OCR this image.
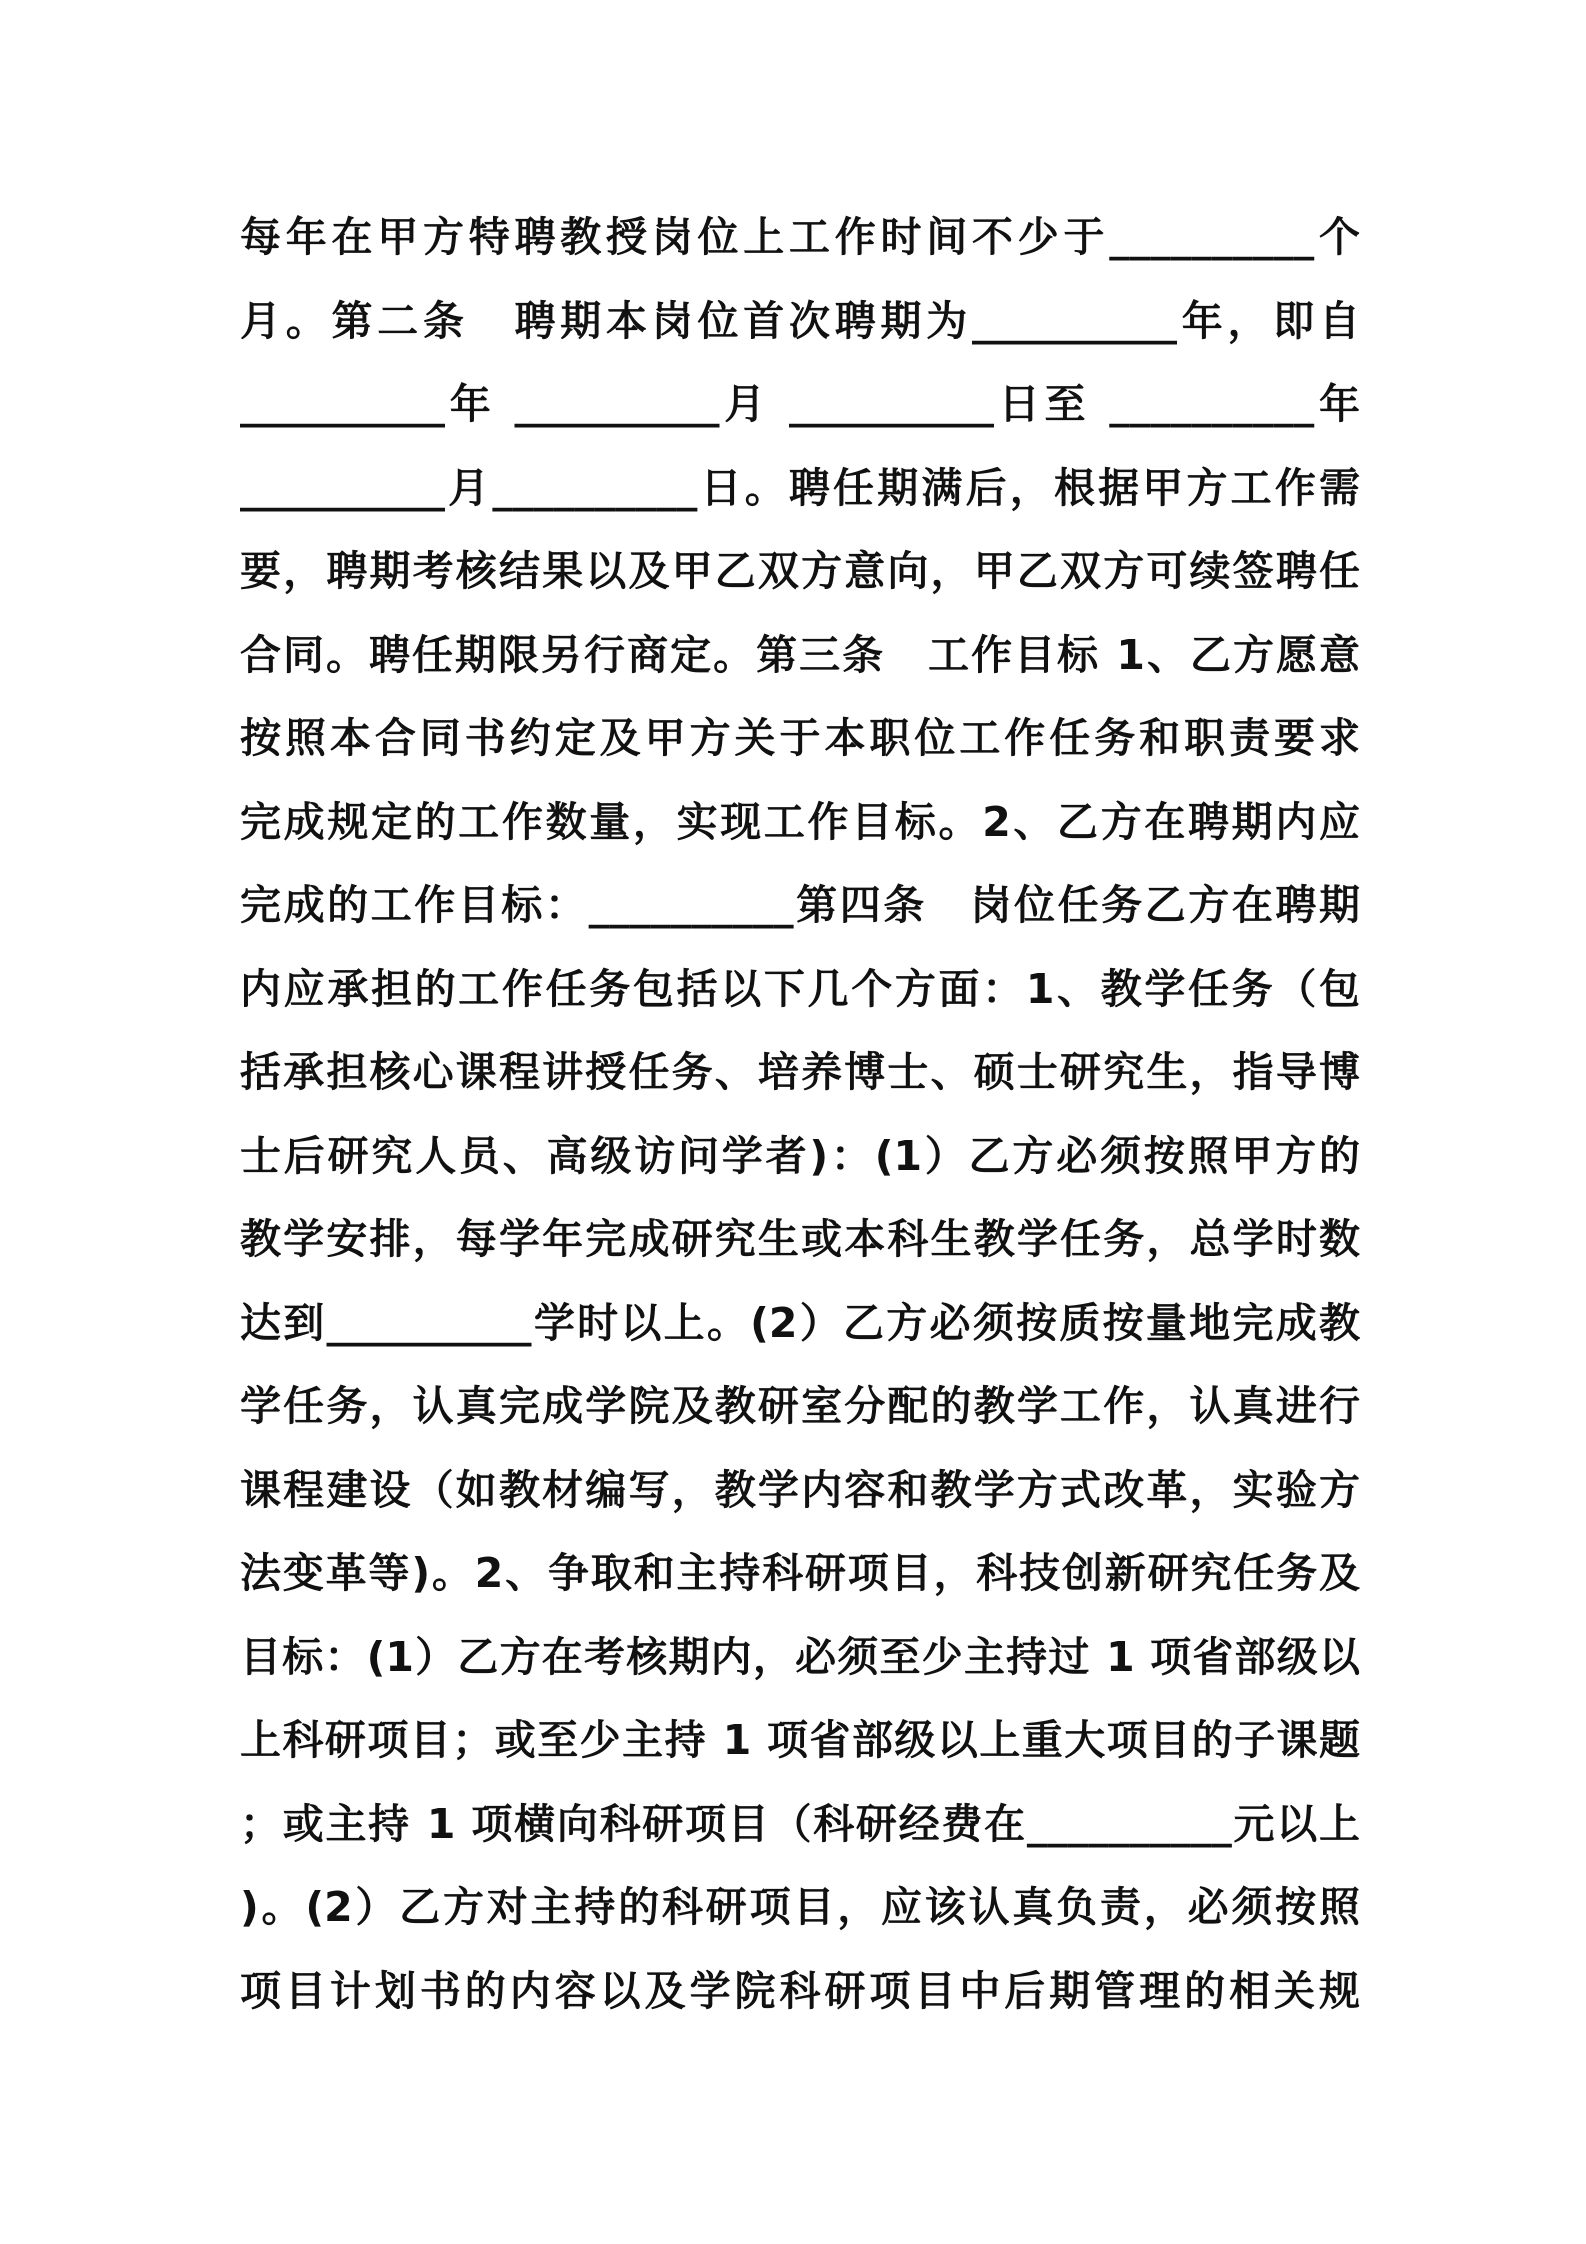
每年在甲方特聘教授岗位上工作时间不少于__________个
月。第二条　聘期本岗位首次聘期为__________年，即自
__________年 __________月 __________日至 __________年
__________月__________日。聘任期满后，根据甲方工作需
要，聘期考核结果以及甲乙双方意向，甲乙双方可续签聘任
合同。聘任期限另行商定。第三条　工作目标 1、乙方愿意
按照本合同书约定及甲方关于本职位工作任务和职责要求
完成规定的工作数量，实现工作目标。2、乙方在聘期内应
完成的工作目标：__________第四条　岗位任务乙方在聘期
内应承担的工作任务包括以下几个方面：1、教学任务（包
括承担核心课程讲授任务、培养博士、硕士研究生，指导博
士后研究人员、高级访问学者)：(1）乙方必须按照甲方的
教学安排，每学年完成研究生或本科生教学任务，总学时数
达到__________学时以上。(2）乙方必须按质按量地完成教
学任务，认真完成学院及教研室分配的教学工作，认真进行
课程建设（如教材编写，教学内容和教学方式改革，实验方
法变革等)。2、争取和主持科研项目，科技创新研究任务及
目标：(1）乙方在考核期内，必须至少主持过 1 项省部级以
上科研项目；或至少主持 1 项省部级以上重大项目的子课题
；或主持 1 项横向科研项目（科研经费在__________元以上
)。(2）乙方对主持的科研项目，应该认真负责，必须按照
项目计划书的内容以及学院科研项目中后期管理的相关规
